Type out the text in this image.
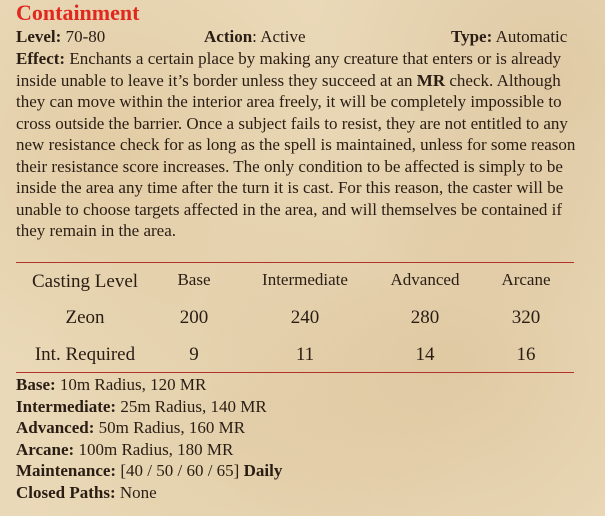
Containment
Level: 70-80	Action: Active	Type: Automatic
Effect: Enchants a certain place by making any creature that enters or is already inside unable to leave it’s border unless they succeed at an MR check. Although they can move within the interior area freely, it will be completely impossible to cross outside the barrier. Once a subject fails to resist, they are not entitled to any new resistance check for as long as the spell is maintained, unless for some reason their resistance score increases. The only condition to be affected is simply to be inside the area any time after the turn it is cast. For this reason, the caster will be unable to choose targets affected in the area, and will themselves be contained if they remain in the area.
Casting Level	Base	Intermediate	Advanced	Arcane
Zeon	200	240	280	320
Int. Required	9	11	14	16
Base: 10m Radius, 120 MR
Intermediate: 25m Radius, 140 MR
Advanced: 50m Radius, 160 MR
Arcane: 100m Radius, 180 MR
Maintenance: [40 / 50 / 60 / 65] Daily
Closed Paths: None
